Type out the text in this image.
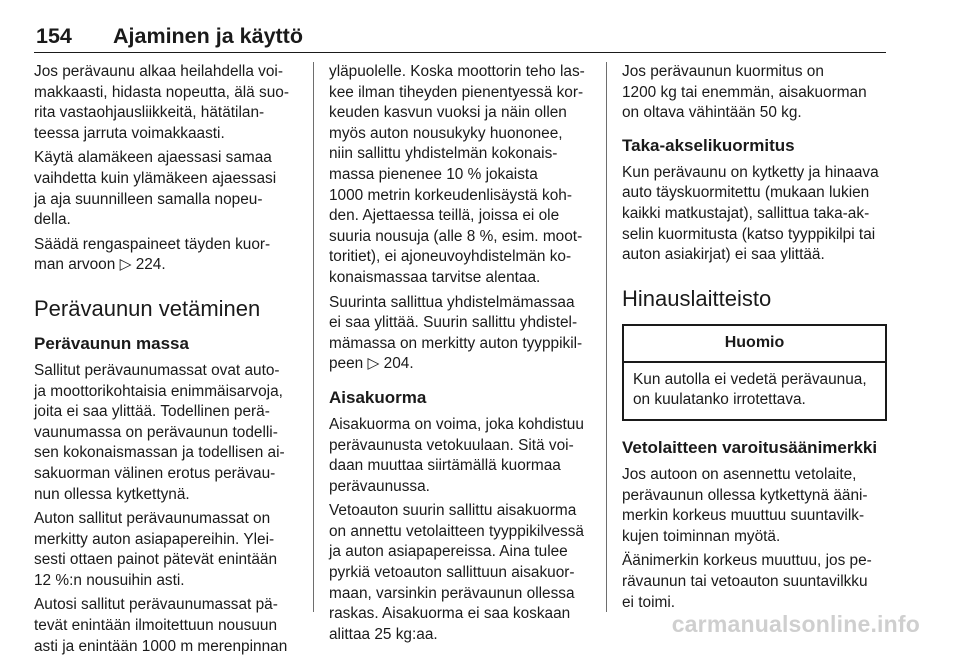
154 Ajaminen ja käyttö

Jos perävaunu alkaa heilahdella voi-
makkaasti, hidasta nopeutta, älä suo-
rita vastaohjausliikkeitä, hätätilan-
teessa jarruta voimakkaasti.

Käytä alamäkeen ajaessasi samaa
vaihdetta kuin ylämäkeen ajaessasi
ja aja suunnilleen samalla nopeu-
della.

Säädä rengaspaineet täyden kuor-
man arvoon ▷ 224.

Perävaunun vetäminen
Perävaunun massa

Sallitut perävaunumassat ovat auto-
ja moottorikohtaisia enimmäisarvoja,
joita ei saa ylittää. Todellinen perä-
vaunumassa on perävaunun todelli-
sen kokonaismassan ja todellisen ai-
sakuorman välinen erotus perävau-
nun ollessa kytkettynä.

Auton sallitut perävaunumassat on
merkitty auton asiapapereihin. Ylei-
sesti ottaen painot pätevät enintään
12 %:n nousuihin asti.

Autosi sallitut perävaunumassat pä-
tevät enintään ilmoitettuun nousuun
asti ja enintään 1000 m merenpinnan

yläpuolelle. Koska moottorin teho las-
kee ilman tiheyden pienentyessä kor-
keuden kasvun vuoksi ja näin ollen
myös auton nousukyky huononee,
niin sallittu yhdistelmän kokonais-
massa pienenee 10 % jokaista
1000 metrin korkeudenlisäystä koh-
den. Ajettaessa teillä, joissa ei ole
suuria nousuja (alle 8 %, esim. moot-
toritiet), ei ajoneuvoyhdistelmän ko-
konaismassaa tarvitse alentaa.

Suurinta sallittua yhdistelmämassaa
ei saa ylittää. Suurin sallittu yhdistel-
mämassa on merkitty auton tyyppikil-
peen ▷ 204.

Aisakuorma

Aisakuorma on voima, joka kohdistuu
perävaunusta vetokuulaan. Sitä voi-
daan muuttaa siirtämällä kuormaa
perävaunussa.

Vetoauton suurin sallittu aisakuorma
on annettu vetolaitteen tyyppikilvessä
ja auton asiapapereissa. Aina tulee
pyrkiä vetoauton sallittuun aisakuor-
maan, varsinkin perävaunun ollessa
raskas. Aisakuorma ei saa koskaan
alittaa 25 kg:aa.

Jos perävaunun kuormitus on
1200 kg tai enemmän, aisakuorman
on oltava vähintään 50 kg.

Taka-akselikuormitus

Kun perävaunu on kytketty ja hinaava
auto täyskuormitettu (mukaan lukien
kaikki matkustajat), sallittua taka-ak-
selin kuormitusta (katso tyyppikilpi tai
auton asiakirjat) ei saa ylittää.

Hinauslaitteisto
Huomio
Kun autolla ei vedetä perävaunua,
on kuulatanko irrotettava.
Vetolaitteen varoitusäänimerkki

Jos autoon on asennettu vetolaite,
perävaunun ollessa kytkettynä ääni-
merkin korkeus muuttuu suuntavilk-
kujen toiminnan myötä.

Äänimerkin korkeus muuttuu, jos pe-
rävaunun tai vetoauton suuntavilkku
ei toimi.

carmanualsonline.info
